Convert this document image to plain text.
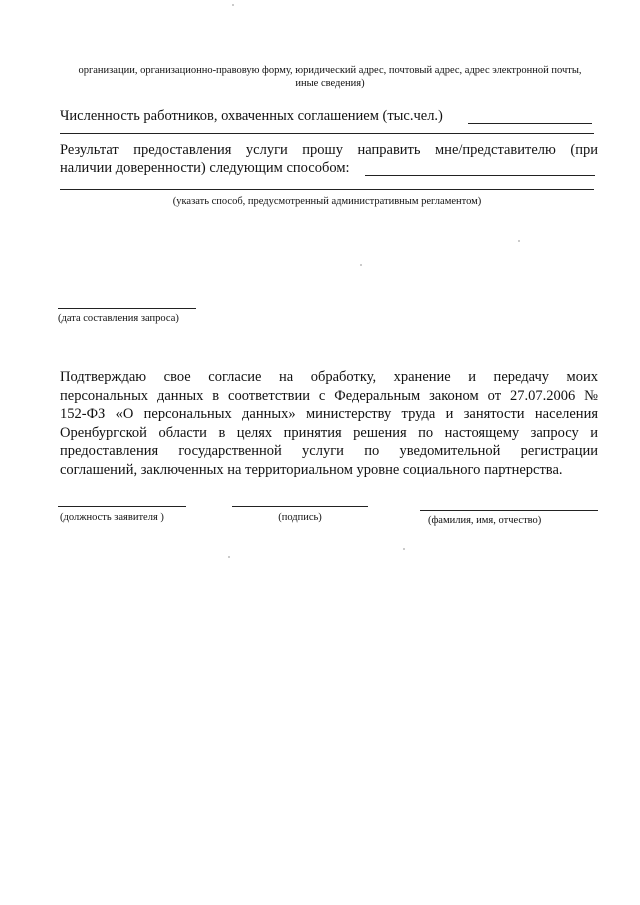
организации, организационно-правовую форму, юридический адрес, почтовый адрес, адрес электронной почты,
иные сведения)
Численность работников, охваченных соглашением (тыс.чел.)
Результат предоставления услуги прошу направить мне/представителю (при
наличии доверенности) следующим способом:
(указать способ, предусмотренный административным регламентом)
(дата составления запроса)
Подтверждаю свое согласие на обработку, хранение и передачу моих
персональных данных в соответствии с Федеральным законом от 27.07.2006 №
152-ФЗ «О персональных данных» министерству труда и занятости населения
Оренбургской области в целях принятия решения по настоящему запросу и
предоставления государственной услуги по уведомительной регистрации
соглашений, заключенных на территориальном уровне социального партнерства.
(должность заявителя )	(подпись)	(фамилия, имя, отчество)
